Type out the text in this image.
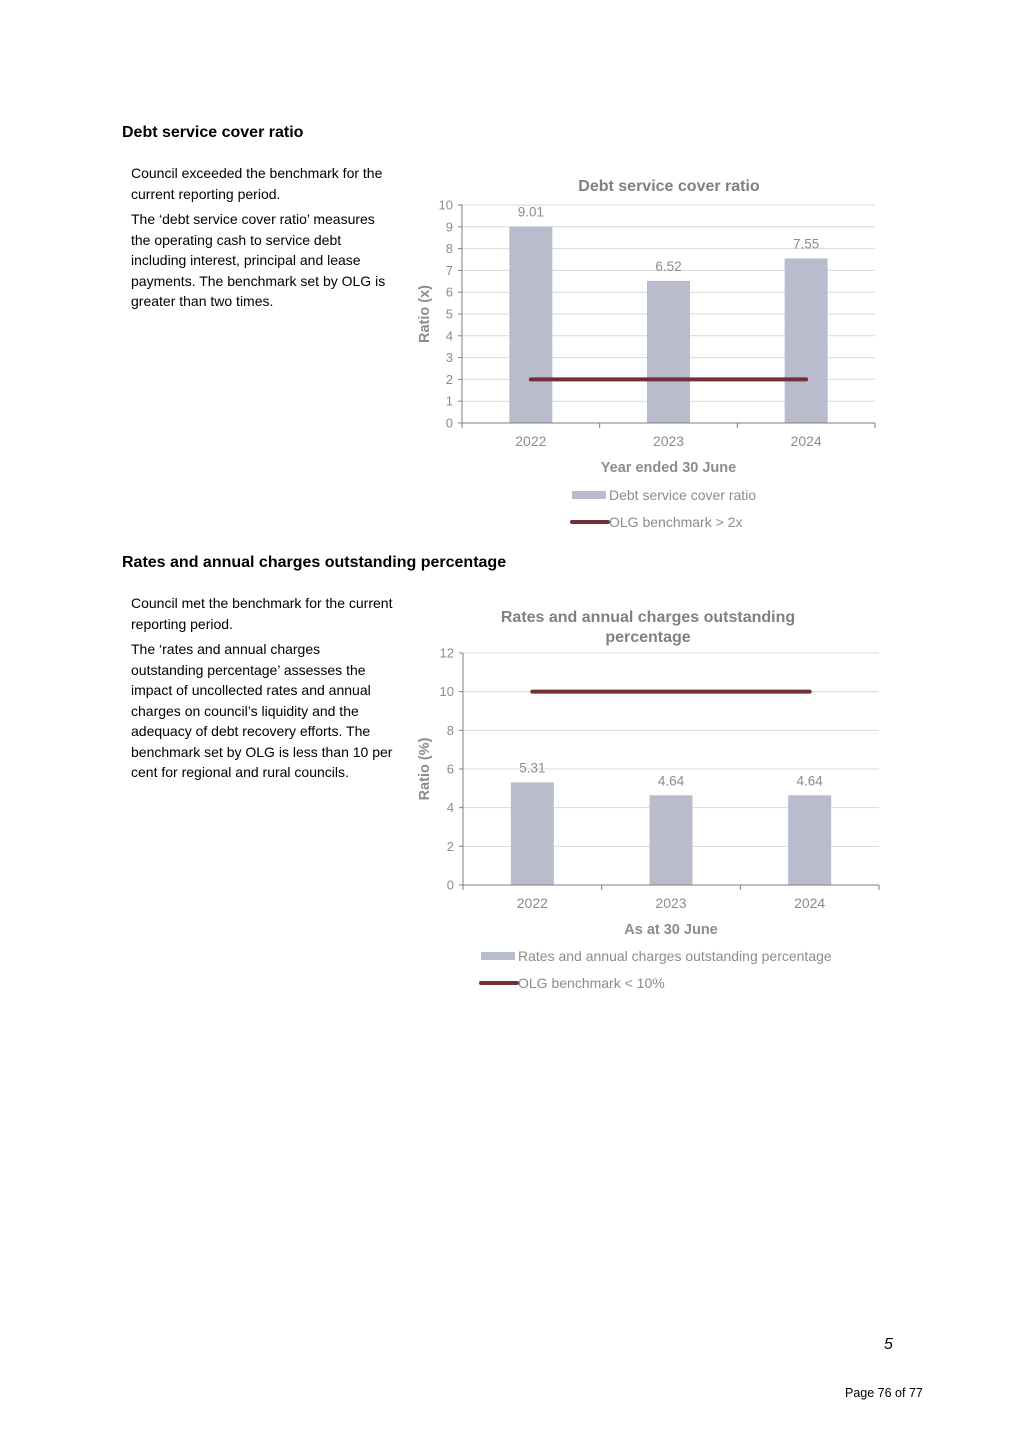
Debt service cover ratio

Council exceeded the benchmark for the current reporting period.

The ‘debt service cover ratio’ measures the operating cash to service debt including interest, principal and lease payments. The benchmark set by OLG is greater than two times.

Debt service cover ratio
0
1
2
3
4
5
6
7
8
9
10	9.01
6.52
7.55
2022	2023	2024
Year ended 30 June
Ratio (x)
Debt service cover ratio
OLG benchmark > 2x
Rates and annual charges outstanding percentage

Council met the benchmark for the current reporting period.

The ‘rates and annual charges outstanding percentage’ assesses the impact of uncollected rates and annual charges on council’s liquidity and the adequacy of debt recovery efforts. The benchmark set by OLG is less than 10 per cent for regional and rural councils.

Rates and annual charges outstanding
percentage
0
2
4
6
8
10
12
5.31
4.64	4.64
2022	2023	2024
As at 30 June
Ratio (%)
Rates and annual charges outstanding percentage
OLG benchmark < 10%
5
Page 76 of 77
